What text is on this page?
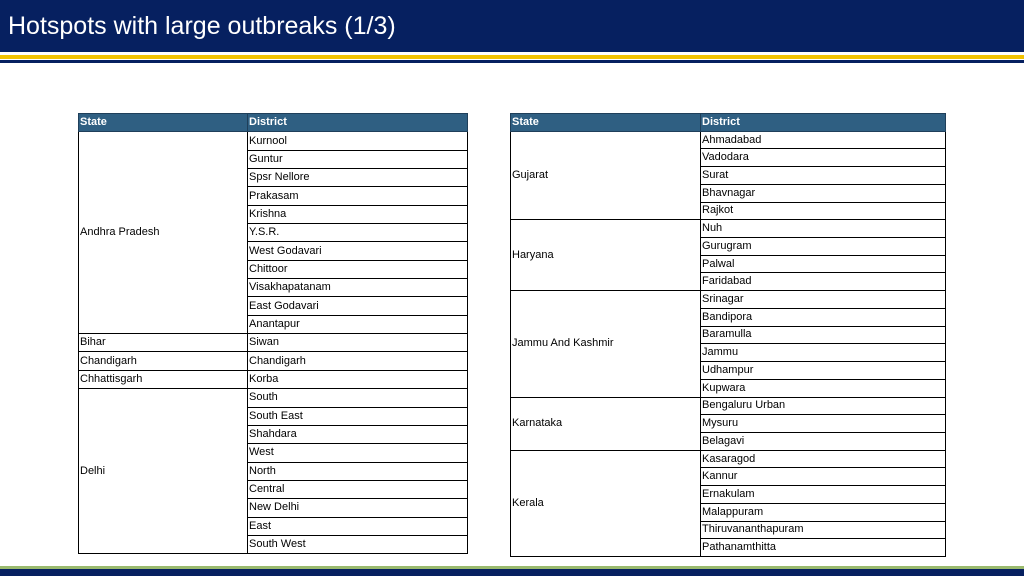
Hotspots with large outbreaks (1/3)
State	District
Andhra Pradesh	Kurnool
	Guntur
	Spsr Nellore
	Prakasam
	Krishna
	Y.S.R.
	West Godavari
	Chittoor
	Visakhapatanam
	East Godavari
	Anantapur
Bihar	Siwan
Chandigarh	Chandigarh
Chhattisgarh	Korba
Delhi	South
	South East
	Shahdara
	West
	North
	Central
	New Delhi
	East
	South West
State	District
Gujarat	Ahmadabad
	Vadodara
	Surat
	Bhavnagar
	Rajkot
Haryana	Nuh
	Gurugram
	Palwal
	Faridabad
Jammu And Kashmir	Srinagar
	Bandipora
	Baramulla
	Jammu
	Udhampur
	Kupwara
Karnataka	Bengaluru Urban
	Mysuru
	Belagavi
Kerala	Kasaragod
	Kannur
	Ernakulam
	Malappuram
	Thiruvananthapuram
	Pathanamthitta
